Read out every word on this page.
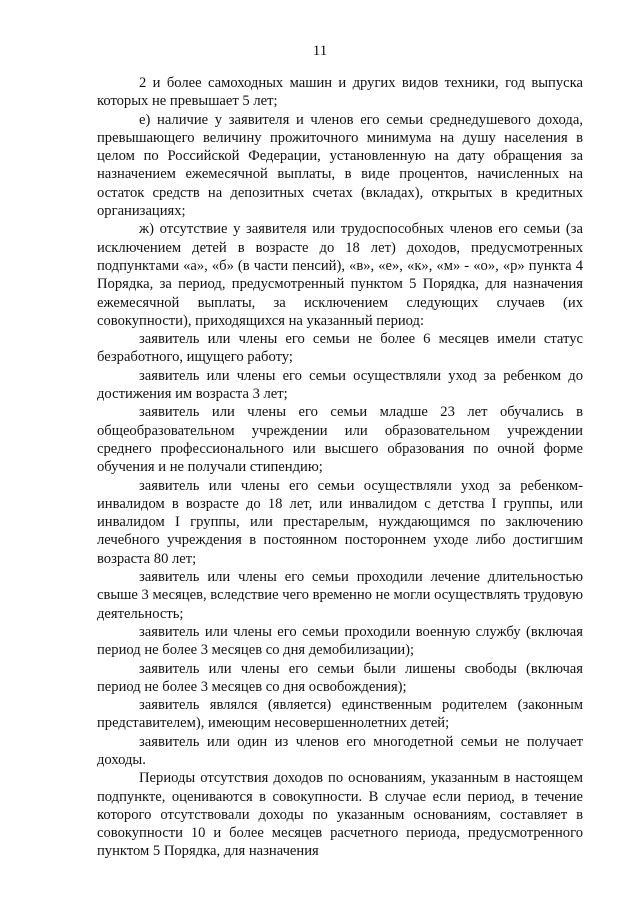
11

2 и более самоходных машин и других видов техники, год выпуска которых не превышает 5 лет;

е) наличие у заявителя и членов его семьи среднедушевого дохода, превышающего величину прожиточного минимума на душу населения в целом по Российской Федерации, установленную на дату обращения за назначением ежемесячной выплаты, в виде процентов, начисленных на остаток средств на депозитных счетах (вкладах), открытых в кредитных организациях;

ж) отсутствие у заявителя или трудоспособных членов его семьи (за исключением детей в возрасте до 18 лет) доходов, предусмотренных подпунктами «а», «б» (в части пенсий), «в», «е», «к», «м» - «о», «р» пункта 4 Порядка, за период, предусмотренный пунктом 5 Порядка, для назначения ежемесячной выплаты, за исключением следующих случаев (их совокупности), приходящихся на указанный период:

заявитель или члены его семьи не более 6 месяцев имели статус безработного, ищущего работу;

заявитель или члены его семьи осуществляли уход за ребенком до достижения им возраста 3 лет;

заявитель или члены его семьи младше 23 лет обучались в общеобразовательном учреждении или образовательном учреждении среднего профессионального или высшего образования по очной форме обучения и не получали стипендию;

заявитель или члены его семьи осуществляли уход за ребенком-инвалидом в возрасте до 18 лет, или инвалидом с детства I группы, или инвалидом I группы, или престарелым, нуждающимся по заключению лечебного учреждения в постоянном постороннем уходе либо достигшим возраста 80 лет;

заявитель или члены его семьи проходили лечение длительностью свыше 3 месяцев, вследствие чего временно не могли осуществлять трудовую деятельность;

заявитель или члены его семьи проходили военную службу (включая период не более 3 месяцев со дня демобилизации);

заявитель или члены его семьи были лишены свободы (включая период не более 3 месяцев со дня освобождения);

заявитель являлся (является) единственным родителем (законным представителем), имеющим несовершеннолетних детей;

заявитель или один из членов его многодетной семьи не получает доходы.

Периоды отсутствия доходов по основаниям, указанным в настоящем подпункте, оцениваются в совокупности. В случае если период, в течение которого отсутствовали доходы по указанным основаниям, составляет в совокупности 10 и более месяцев расчетного периода, предусмотренного пунктом 5 Порядка, для назначения
